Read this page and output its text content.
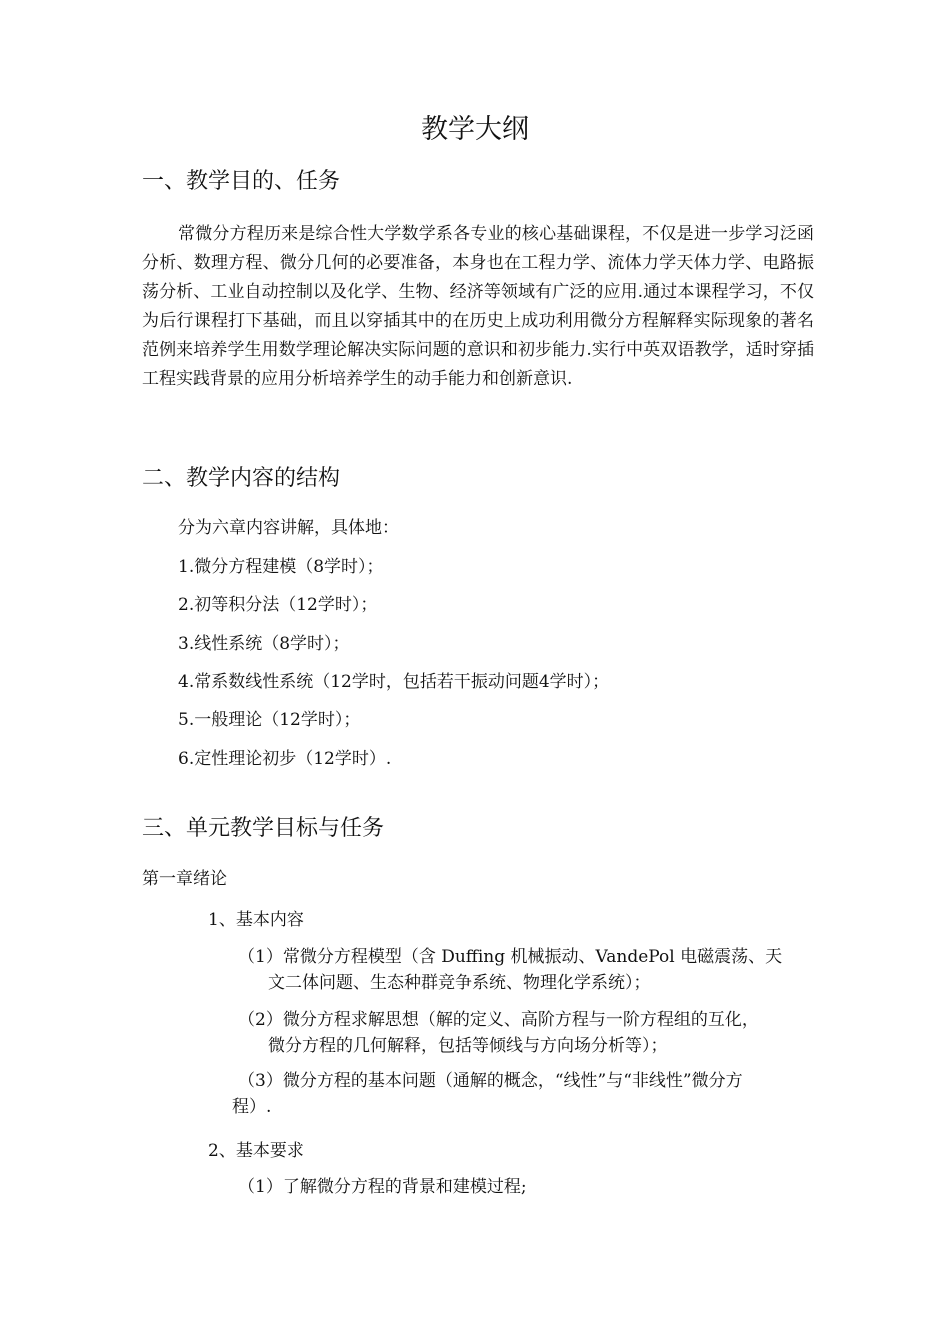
教学大纲
一、教学目的、任务
常微分方程历来是综合性大学数学系各专业的核心基础课程，不仅是进一步学习泛函分析、数理方程、微分几何的必要准备，本身也在工程力学、流体力学天体力学、电路振荡分析、工业自动控制以及化学、生物、经济等领域有广泛的应用.通过本课程学习，不仅为后行课程打下基础，而且以穿插其中的在历史上成功利用微分方程解释实际现象的著名范例来培养学生用数学理论解决实际问题的意识和初步能力.实行中英双语教学，适时穿插工程实践背景的应用分析培养学生的动手能力和创新意识.
二、教学内容的结构
分为六章内容讲解，具体地：
1.微分方程建模（8学时）；
2.初等积分法（12学时）；
3.线性系统（8学时）；
4.常系数线性系统（12学时，包括若干振动问题4学时）；
5.一般理论（12学时）；
6.定性理论初步（12学时）.
三、单元教学目标与任务
第一章绪论
1、基本内容
（1）常微分方程模型（含 Duffing 机械振动、VandePol 电磁震荡、天
文二体问题、生态种群竞争系统、物理化学系统）；
（2）微分方程求解思想（解的定义、高阶方程与一阶方程组的互化，
微分方程的几何解释，包括等倾线与方向场分析等）；
（3）微分方程的基本问题（通解的概念，“线性”与“非线性”微分方
程）.
2、基本要求
（1）了解微分方程的背景和建模过程;
